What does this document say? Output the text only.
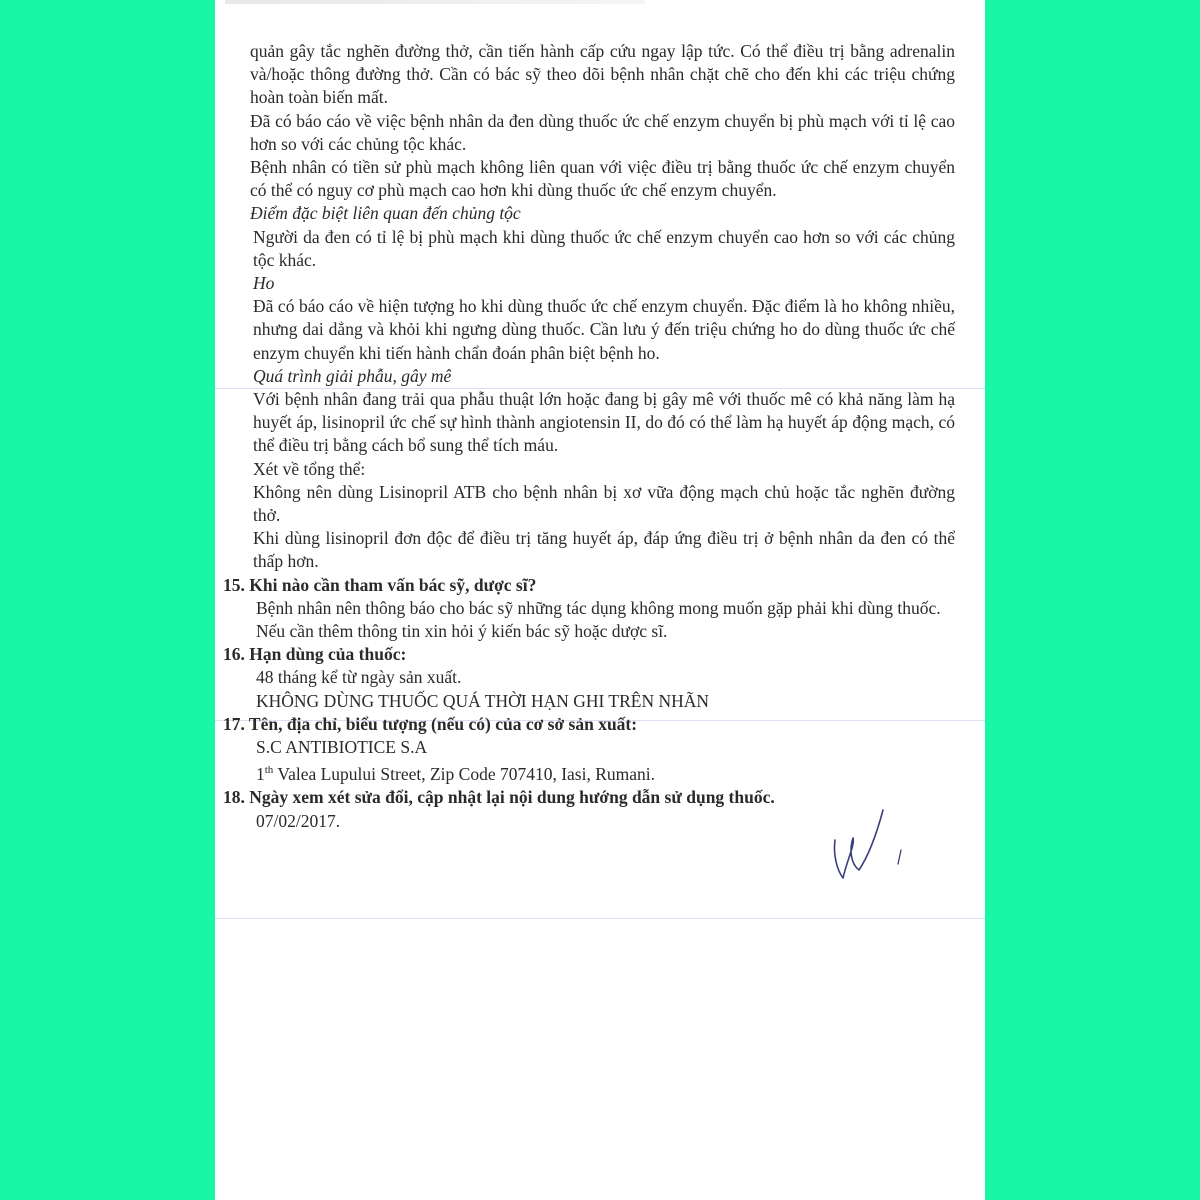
quản gây tắc nghẽn đường thở, cần tiến hành cấp cứu ngay lập tức. Có thể điều trị bằng adrenalin và/hoặc thông đường thở. Cần có bác sỹ theo dõi bệnh nhân chặt chẽ cho đến khi các triệu chứng hoàn toàn biến mất.

Đã có báo cáo về việc bệnh nhân da đen dùng thuốc ức chế enzym chuyển bị phù mạch với tỉ lệ cao hơn so với các chủng tộc khác.

Bệnh nhân có tiền sử phù mạch không liên quan với việc điều trị bằng thuốc ức chế enzym chuyển có thể có nguy cơ phù mạch cao hơn khi dùng thuốc ức chế enzym chuyển.

Điểm đặc biệt liên quan đến chủng tộc

Người da đen có tỉ lệ bị phù mạch khi dùng thuốc ức chế enzym chuyển cao hơn so với các chủng tộc khác.

Ho

Đã có báo cáo về hiện tượng ho khi dùng thuốc ức chế enzym chuyển. Đặc điểm là ho không nhiều, nhưng dai dẳng và khỏi khi ngưng dùng thuốc. Cần lưu ý đến triệu chứng ho do dùng thuốc ức chế enzym chuyển khi tiến hành chẩn đoán phân biệt bệnh ho.

Quá trình giải phẫu, gây mê

Với bệnh nhân đang trải qua phẫu thuật lớn hoặc đang bị gây mê với thuốc mê có khả năng làm hạ huyết áp, lisinopril ức chế sự hình thành angiotensin II, do đó có thể làm hạ huyết áp động mạch, có thể điều trị bằng cách bổ sung thể tích máu.

Xét về tổng thể:

Không nên dùng Lisinopril ATB cho bệnh nhân bị xơ vữa động mạch chủ hoặc tắc nghẽn đường thở.

Khi dùng lisinopril đơn độc để điều trị tăng huyết áp, đáp ứng điều trị ở bệnh nhân da đen có thể thấp hơn.

15. Khi nào cần tham vấn bác sỹ, dược sĩ?

Bệnh nhân nên thông báo cho bác sỹ những tác dụng không mong muốn gặp phải khi dùng thuốc.

Nếu cần thêm thông tin xin hỏi ý kiến bác sỹ hoặc dược sĩ.

16. Hạn dùng của thuốc:

48 tháng kể từ ngày sản xuất.

KHÔNG DÙNG THUỐC QUÁ THỜI HẠN GHI TRÊN NHÃN

17. Tên, địa chỉ, biểu tượng (nếu có) của cơ sở sản xuất:

S.C ANTIBIOTICE S.A

1th Valea Lupului Street, Zip Code 707410, Iasi, Rumani.

18. Ngày xem xét sửa đổi, cập nhật lại nội dung hướng dẫn sử dụng thuốc.

07/02/2017.
